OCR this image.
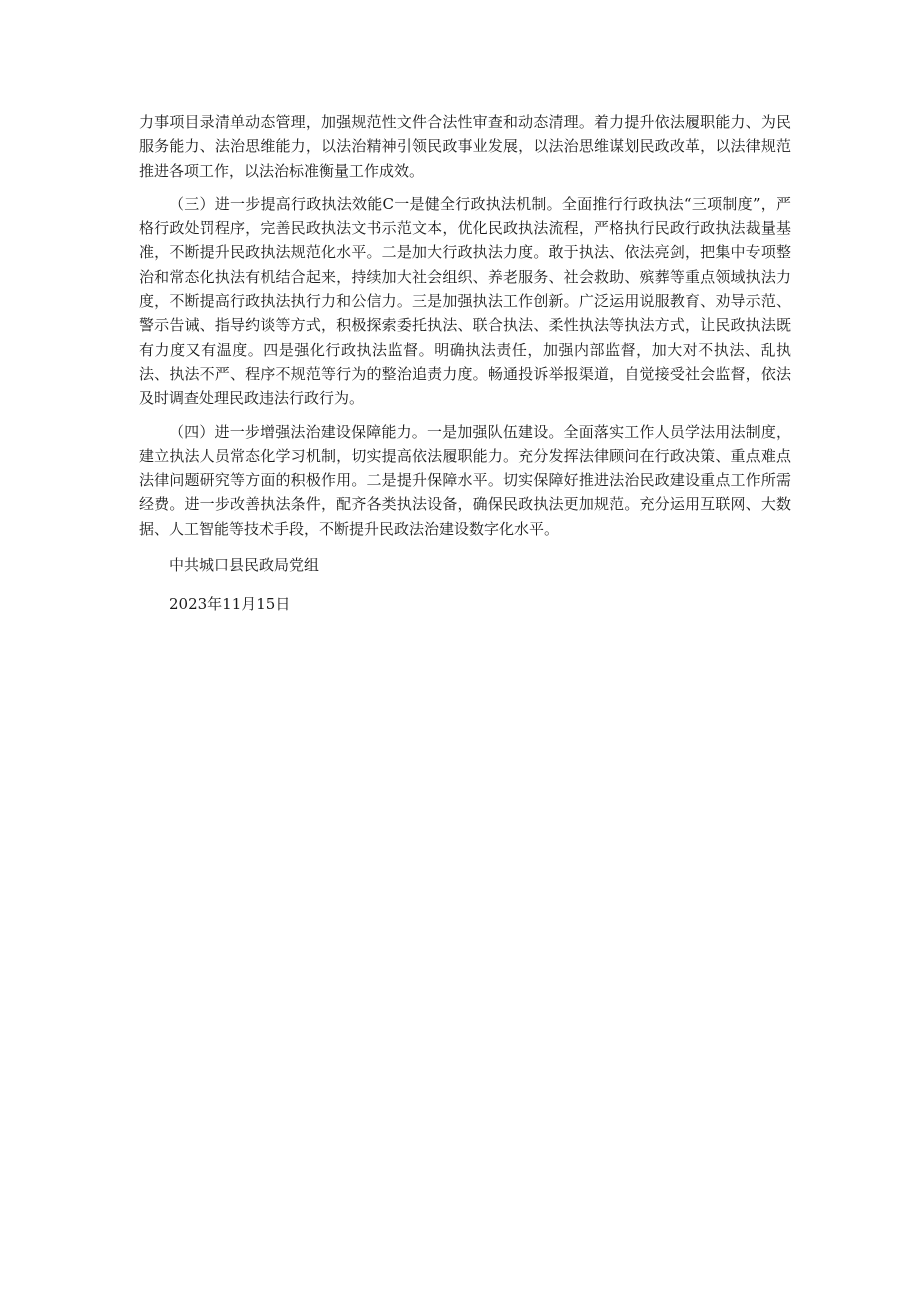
力事项目录清单动态管理，加强规范性文件合法性审查和动态清理。着力提升依法履职能力、为民服务能力、法治思维能力，以法治精神引领民政事业发展，以法治思维谋划民政改革，以法律规范推进各项工作，以法治标准衡量工作成效。

（三）进一步提高行政执法效能C一是健全行政执法机制。全面推行行政执法“三项制度”，严格行政处罚程序，完善民政执法文书示范文本，优化民政执法流程，严格执行民政行政执法裁量基准，不断提升民政执法规范化水平。二是加大行政执法力度。敢于执法、依法亮剑，把集中专项整治和常态化执法有机结合起来，持续加大社会组织、养老服务、社会救助、殡葬等重点领域执法力度，不断提高行政执法执行力和公信力。三是加强执法工作创新。广泛运用说服教育、劝导示范、警示告诫、指导约谈等方式，积极探索委托执法、联合执法、柔性执法等执法方式，让民政执法既有力度又有温度。四是强化行政执法监督。明确执法责任，加强内部监督，加大对不执法、乱执法、执法不严、程序不规范等行为的整治追责力度。畅通投诉举报渠道，自觉接受社会监督，依法及时调查处理民政违法行政行为。

（四）进一步增强法治建设保障能力。一是加强队伍建设。全面落实工作人员学法用法制度，建立执法人员常态化学习机制，切实提高依法履职能力。充分发挥法律顾问在行政决策、重点难点法律问题研究等方面的积极作用。二是提升保障水平。切实保障好推进法治民政建设重点工作所需经费。进一步改善执法条件，配齐各类执法设备，确保民政执法更加规范。充分运用互联网、大数据、人工智能等技术手段，不断提升民政法治建设数字化水平。

中共城口县民政局党组

2023年11月15日
